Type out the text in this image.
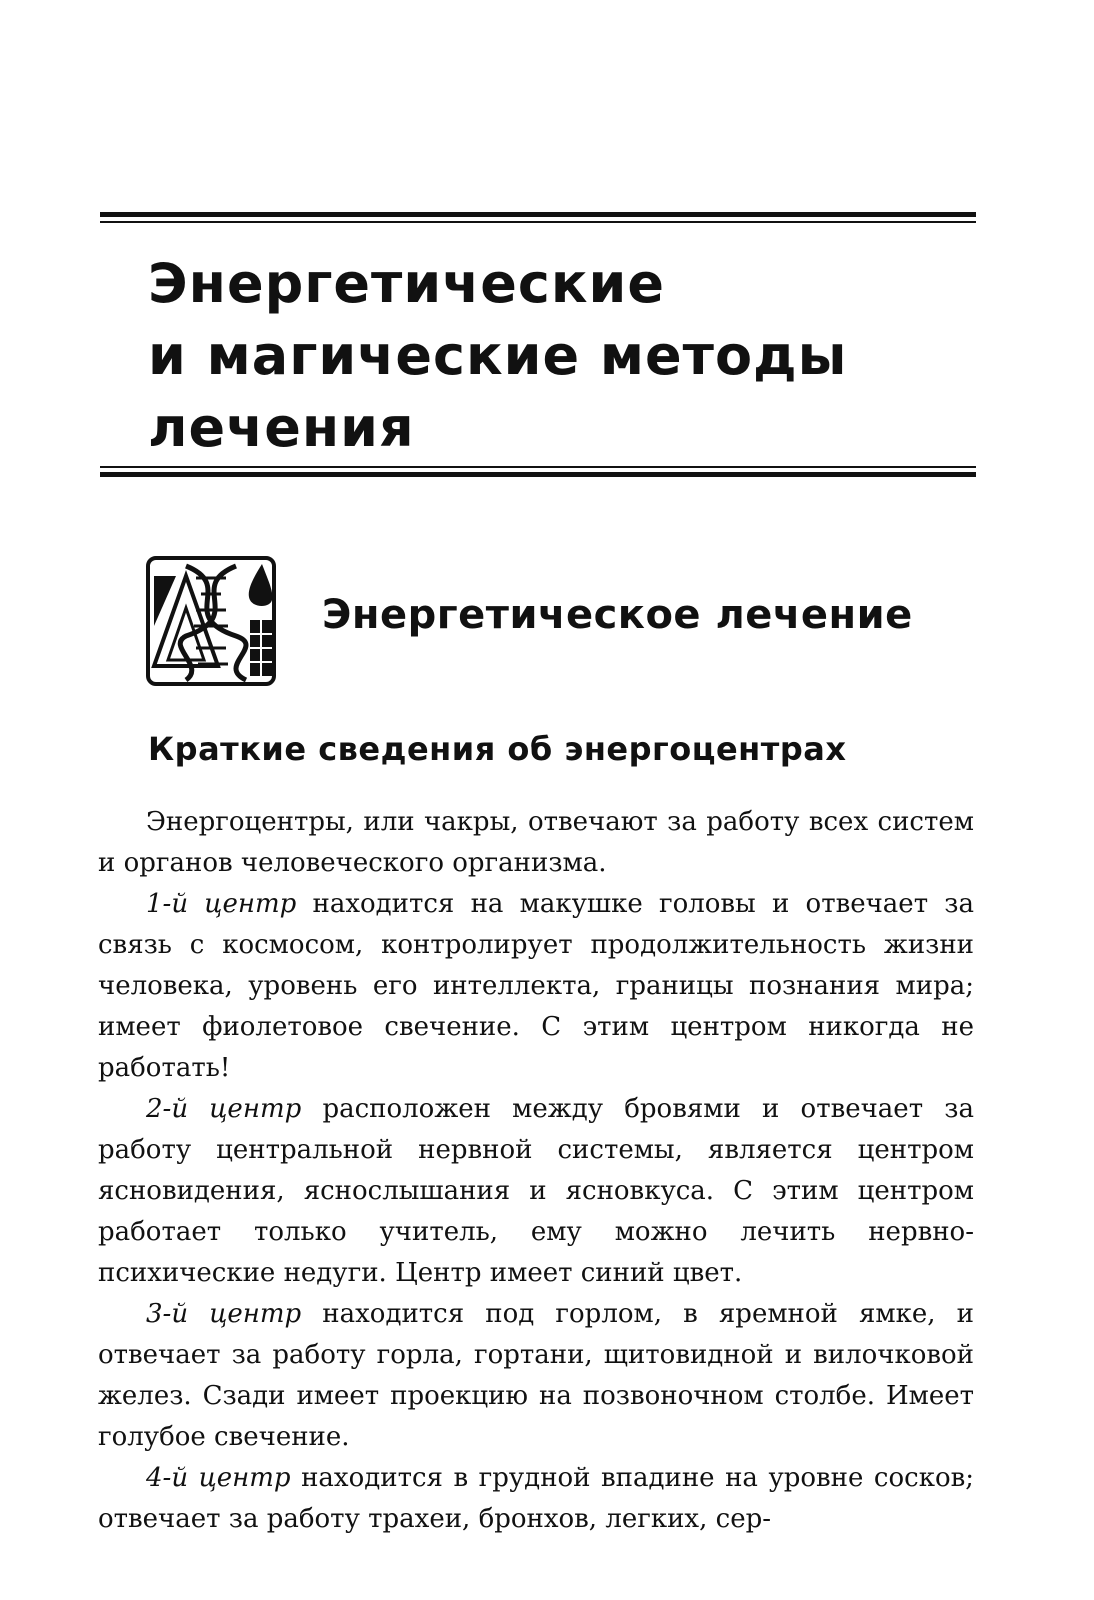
Энергетические
и магические методы
лечения
Энергетическое лечение
Краткие сведения об энергоцентрах

Энергоцентры, или чакры, отвечают за работу всех систем и органов человеческого организма.

1-й центр находится на макушке головы и отвечает за связь с космосом, контролирует продолжительность жизни человека, уровень его интеллекта, границы познания мира; имеет фиолетовое свечение. С этим центром никогда не работать!

2-й центр расположен между бровями и отвечает за работу центральной нервной системы, является центром ясновидения, яснослышания и ясновкуса. С этим центром работает только учитель, ему можно лечить нервно-психические недуги. Центр имеет синий цвет.

3-й центр находится под горлом, в яремной ямке, и отвечает за работу горла, гортани, щитовидной и вилочковой желез. Сзади имеет проекцию на позвоночном столбе. Имеет голубое свечение.

4-й центр находится в грудной впадине на уровне сосков; отвечает за работу трахеи, бронхов, легких, сер-
